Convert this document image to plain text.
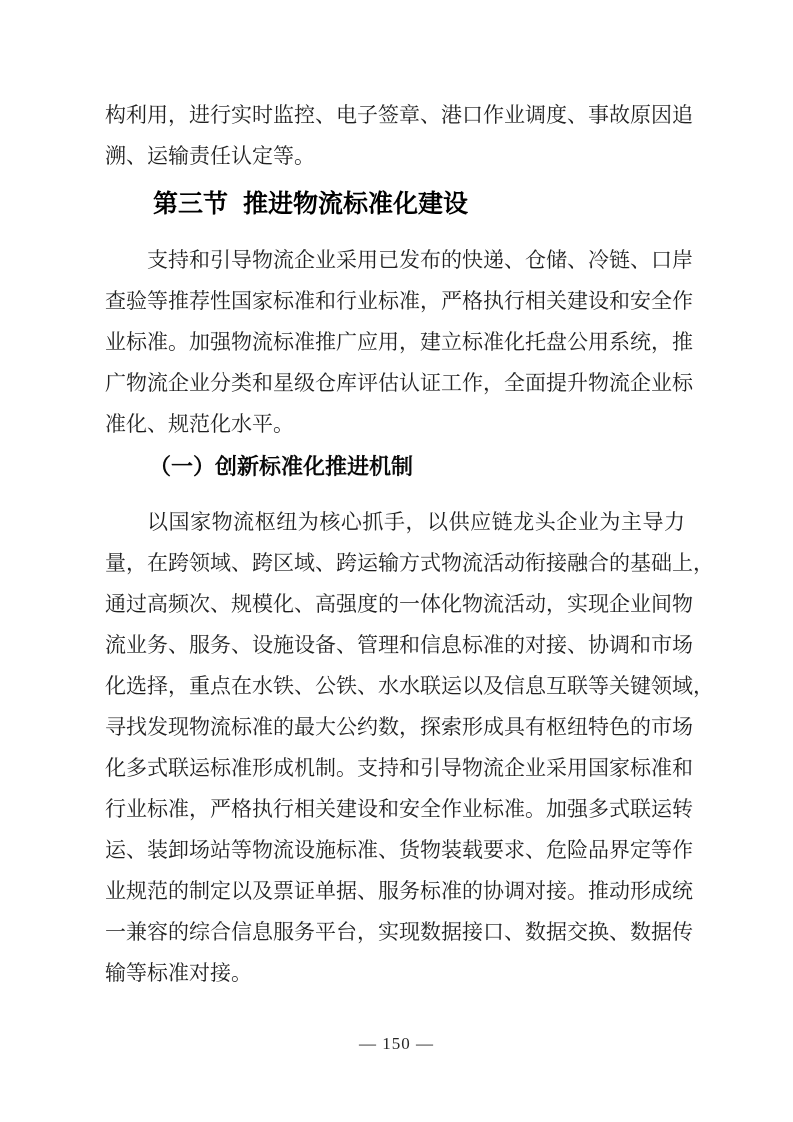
构利用，进行实时监控、电子签章、港口作业调度、事故原因追
溯、运输责任认定等。
第三节 推进物流标准化建设
支持和引导物流企业采用已发布的快递、仓储、冷链、口岸
查验等推荐性国家标准和行业标准，严格执行相关建设和安全作
业标准。加强物流标准推广应用，建立标准化托盘公用系统，推
广物流企业分类和星级仓库评估认证工作，全面提升物流企业标
准化、规范化水平。
（一）创新标准化推进机制
以国家物流枢纽为核心抓手，以供应链龙头企业为主导力
量，在跨领域、跨区域、跨运输方式物流活动衔接融合的基础上，
通过高频次、规模化、高强度的一体化物流活动，实现企业间物
流业务、服务、设施设备、管理和信息标准的对接、协调和市场
化选择，重点在水铁、公铁、水水联运以及信息互联等关键领域，
寻找发现物流标准的最大公约数，探索形成具有枢纽特色的市场
化多式联运标准形成机制。支持和引导物流企业采用国家标准和
行业标准，严格执行相关建设和安全作业标准。加强多式联运转
运、装卸场站等物流设施标准、货物装载要求、危险品界定等作
业规范的制定以及票证单据、服务标准的协调对接。推动形成统
一兼容的综合信息服务平台，实现数据接口、数据交换、数据传
输等标准对接。
— 150 —
